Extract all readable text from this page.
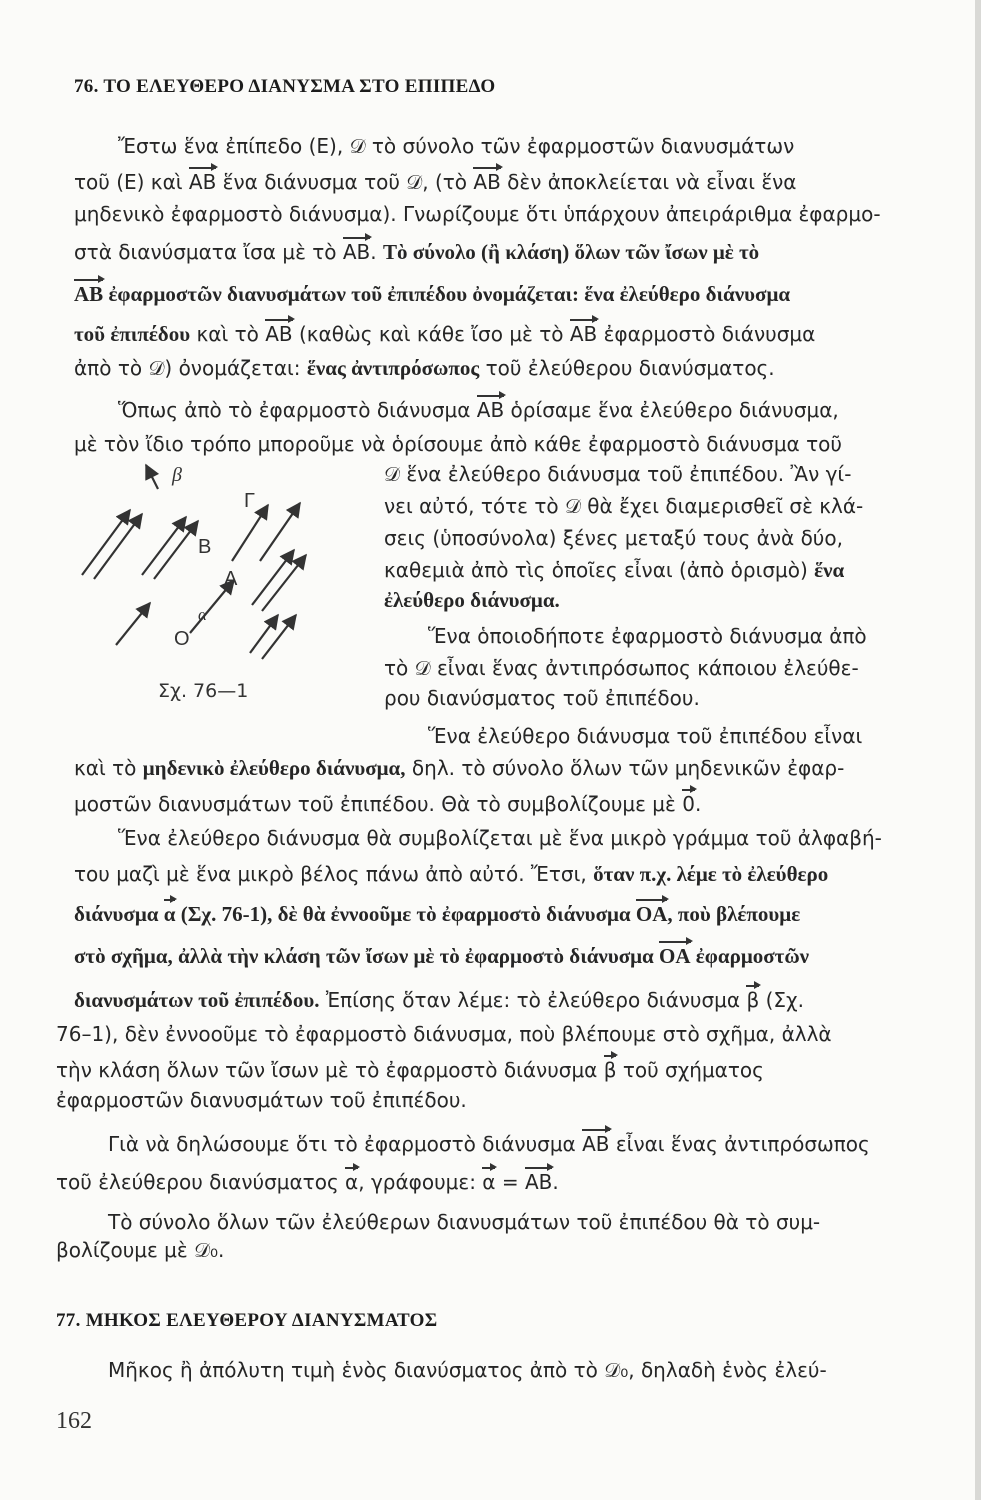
76. ΤΟ ΕΛΕΥΘΕΡΟ ΔΙΑΝΥΣΜΑ ΣΤΟ ΕΠΙΠΕΔΟ
Ἔστω ἕνα ἐπίπεδο (Ε), 𝒟 τὸ σύνολο τῶν ἐφαρμοστῶν διανυσμάτων
τοῦ (Ε) καὶ AB ἕνα διάνυσμα τοῦ 𝒟, (τὸ AB δὲν ἀποκλείεται νὰ εἶναι ἕνα
μηδενικὸ ἐφαρμοστὸ διάνυσμα). Γνωρίζουμε ὅτι ὑπάρχουν ἀπειράριθμα ἐφαρμο-
στὰ διανύσματα ἴσα μὲ τὸ AB. Τὸ σύνολο (ἢ κλάση) ὅλων τῶν ἴσων μὲ τὸ
AB ἐφαρμοστῶν διανυσμάτων τοῦ ἐπιπέδου ὀνομάζεται: ἕνα ἐλεύθερο διάνυσμα
τοῦ ἐπιπέδου καὶ τὸ AB (καθὼς καὶ κάθε ἴσο μὲ τὸ AB ἐφαρμοστὸ διάνυσμα
ἀπὸ τὸ 𝒟) ὀνομάζεται: ἕνας ἀντιπρόσωπος τοῦ ἐλεύθερου διανύσματος.
Ὅπως ἀπὸ τὸ ἐφαρμοστὸ διάνυσμα AB ὁρίσαμε ἕνα ἐλεύθερο διάνυσμα,
μὲ τὸν ἴδιο τρόπο μποροῦμε νὰ ὁρίσουμε ἀπὸ κάθε ἐφαρμοστὸ διάνυσμα τοῦ
𝒟 ἕνα ἐλεύθερο διάνυσμα τοῦ ἐπιπέδου. Ἂν γί-
νει αὐτό, τότε τὸ 𝒟 θὰ ἔχει διαμερισθεῖ σὲ κλά-
σεις (ὑποσύνολα) ξένες μεταξύ τους ἀνὰ δύο,
καθεμιὰ ἀπὸ τὶς ὁποῖες εἶναι (ἀπὸ ὁρισμὸ) ἕνα
ἐλεύθερο διάνυσμα.
Ἕνα ὁποιοδήποτε ἐφαρμοστὸ διάνυσμα ἀπὸ
τὸ 𝒟 εἶναι ἕνας ἀντιπρόσωπος κάποιου ἐλεύθε-
ρου διανύσματος τοῦ ἐπιπέδου.
β
Γ
Β
Α
α
Ο
Σχ. 76—1
Ἕνα ἐλεύθερο διάνυσμα τοῦ ἐπιπέδου εἶναι
καὶ τὸ μηδενικὸ ἐλεύθερο διάνυσμα, δηλ. τὸ σύνολο ὅλων τῶν μηδενικῶν ἐφαρ-
μοστῶν διανυσμάτων τοῦ ἐπιπέδου. Θὰ τὸ συμβολίζουμε μὲ 0.
Ἕνα ἐλεύθερο διάνυσμα θὰ συμβολίζεται μὲ ἕνα μικρὸ γράμμα τοῦ ἀλφαβή-
του μαζὶ μὲ ἕνα μικρὸ βέλος πάνω ἀπὸ αὐτό. Ἔτσι, ὅταν π.χ. λέμε τὸ ἐλεύθερο
διάνυσμα α (Σχ. 76-1), δὲ θὰ ἐννοοῦμε τὸ ἐφαρμοστὸ διάνυσμα OA, ποὺ βλέπουμε
στὸ σχῆμα, ἀλλὰ τὴν κλάση τῶν ἴσων μὲ τὸ ἐφαρμοστὸ διάνυσμα OA ἐφαρμοστῶν
διανυσμάτων τοῦ ἐπιπέδου. Ἐπίσης ὅταν λέμε: τὸ ἐλεύθερο διάνυσμα β (Σχ.
76–1), δὲν ἐννοοῦμε τὸ ἐφαρμοστὸ διάνυσμα, ποὺ βλέπουμε στὸ σχῆμα, ἀλλὰ
τὴν κλάση ὅλων τῶν ἴσων μὲ τὸ ἐφαρμοστὸ διάνυσμα β τοῦ σχήματος
ἐφαρμοστῶν διανυσμάτων τοῦ ἐπιπέδου.
Γιὰ νὰ δηλώσουμε ὅτι τὸ ἐφαρμοστὸ διάνυσμα AB εἶναι ἕνας ἀντιπρόσωπος
τοῦ ἐλεύθερου διανύσματος α, γράφουμε: α = AB.
Τὸ σύνολο ὅλων τῶν ἐλεύθερων διανυσμάτων τοῦ ἐπιπέδου θὰ τὸ συμ-
βολίζουμε μὲ 𝒟₀.
77. ΜΗΚΟΣ ΕΛΕΥΘΕΡΟΥ ΔΙΑΝΥΣΜΑΤΟΣ
Μῆκος ἢ ἀπόλυτη τιμὴ ἑνὸς διανύσματος ἀπὸ τὸ 𝒟₀, δηλαδὴ ἑνὸς ἐλεύ-
162
